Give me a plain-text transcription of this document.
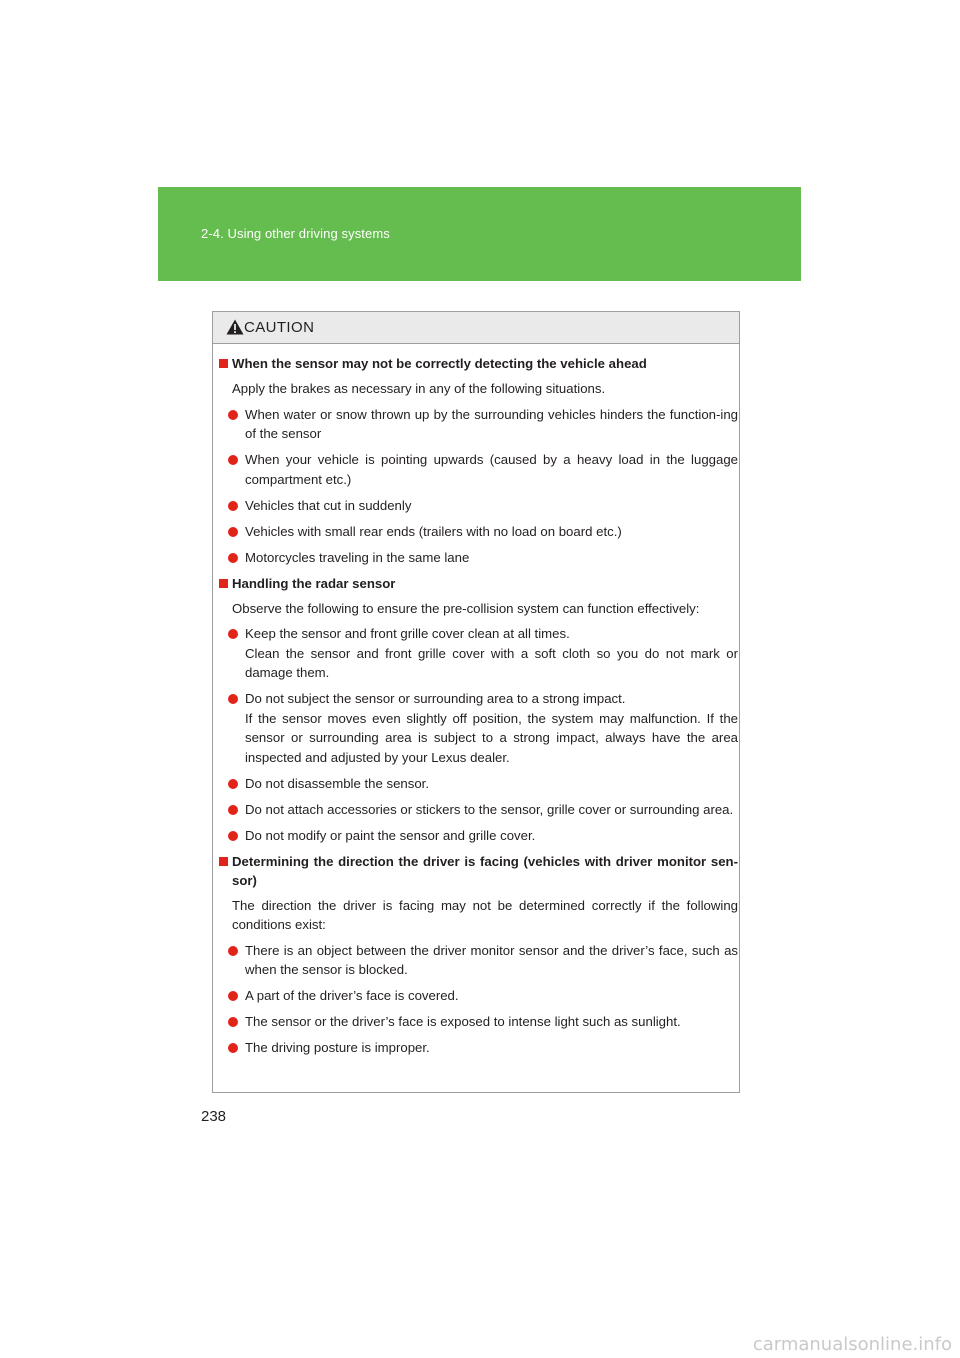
2-4. Using other driving systems
CAUTION
When the sensor may not be correctly detecting the vehicle ahead
Apply the brakes as necessary in any of the following situations.
When water or snow thrown up by the surrounding vehicles hinders the function-ing of the sensor
When your vehicle is pointing upwards (caused by a heavy load in the luggage compartment etc.)
Vehicles that cut in suddenly
Vehicles with small rear ends (trailers with no load on board etc.)
Motorcycles traveling in the same lane
Handling the radar sensor
Observe the following to ensure the pre-collision system can function effectively:
Keep the sensor and front grille cover clean at all times.
Clean the sensor and front grille cover with a soft cloth so you do not mark or damage them.
Do not subject the sensor or surrounding area to a strong impact.
If the sensor moves even slightly off position, the system may malfunction. If the sensor or surrounding area is subject to a strong impact, always have the area inspected and adjusted by your Lexus dealer.
Do not disassemble the sensor.
Do not attach accessories or stickers to the sensor, grille cover or surrounding area.
Do not modify or paint the sensor and grille cover.
Determining the direction the driver is facing (vehicles with driver monitor sen-sor)
The direction the driver is facing may not be determined correctly if the following conditions exist:
There is an object between the driver monitor sensor and the driver’s face, such as when the sensor is blocked.
A part of the driver’s face is covered.
The sensor or the driver’s face is exposed to intense light such as sunlight.
The driving posture is improper.
238
carmanualsonline.info
